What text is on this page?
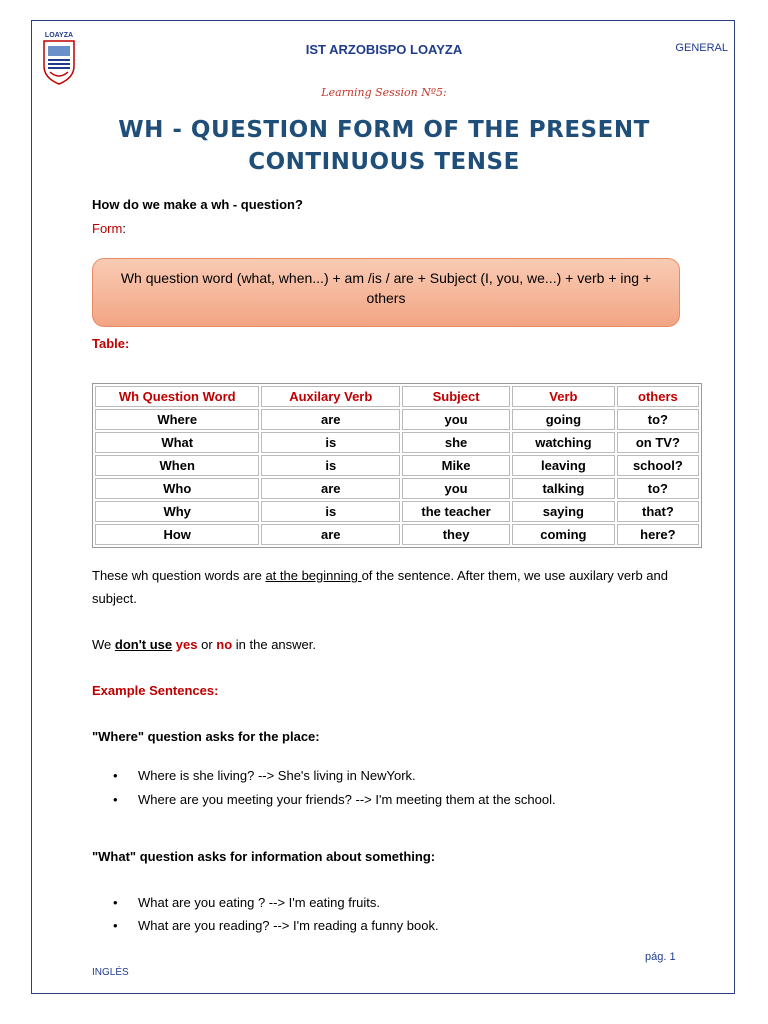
LOAYZA
IST ARZOBISPO LOAYZA	GENERAL
Learning Session Nº5:
WH - QUESTION FORM OF THE PRESENT
CONTINUOUS TENSE
How do we make a wh - question?
Form:
Wh question word (what, when...) + am /is / are + Subject (I, you, we...) + verb + ing + others
Table:
Wh Question Word	Auxilary Verb	Subject	Verb	others
Where	are	you	going	to?
What	is	she	watching	on TV?
When	is	Mike	leaving	school?
Who	are	you	talking	to?
Why	is	the teacher	saying	that?
How	are	they	coming	here?
These wh question words are at the beginning of the sentence. After them, we use auxilary verb and subject.
We don't use yes or no in the answer.
Example Sentences:
"Where" question asks for the place:
• Where is she living? --> She's living in NewYork.
• Where are you meeting your friends? --> I'm meeting them at the school.
"What" question asks for information about something:
• What are you eating ? --> I'm eating fruits.
• What are you reading? --> I'm reading a funny book.
pág. 1
INGLÉS
